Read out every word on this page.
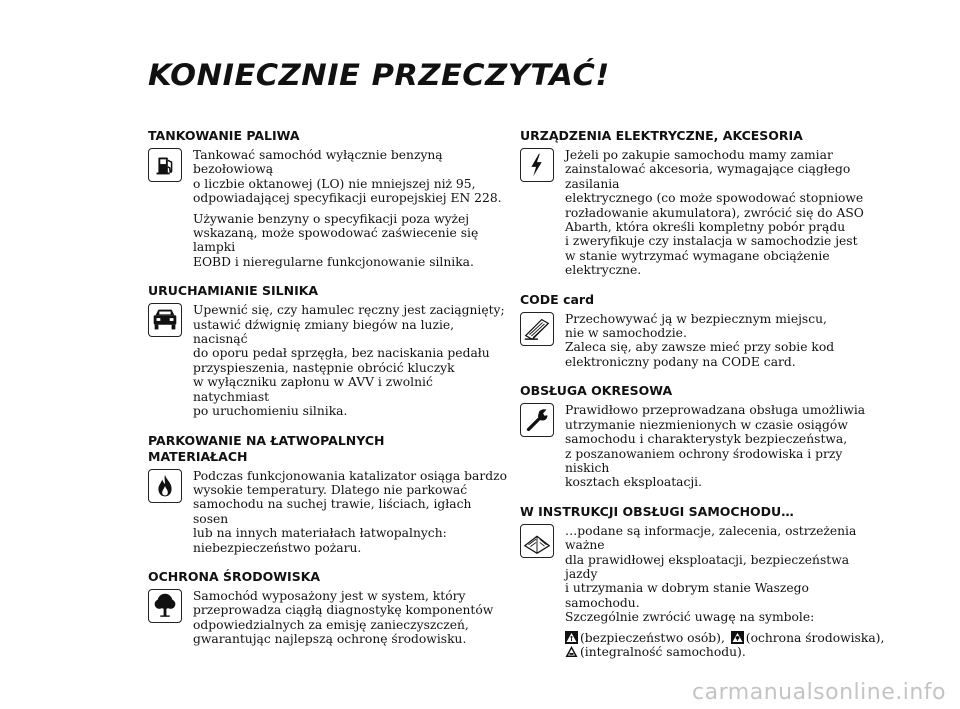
KONIECZNIE PRZECZYTAĆ!
TANKOWANIE PALIWA

Tankować samochód wyłącznie benzyną bezołowiową
o liczbie oktanowej (LO) nie mniejszej niż 95,
odpowiadającej specyfikacji europejskiej EN 228.

Używanie benzyny o specyfikacji poza wyżej
wskazaną, może spowodować zaświecenie się lampki
EOBD i nieregularne funkcjonowanie silnika.

URUCHAMIANIE SILNIKA

Upewnić się, czy hamulec ręczny jest zaciągnięty;
ustawić dźwignię zmiany biegów na luzie, nacisnąć
do oporu pedał sprzęgła, bez naciskania pedału
przyspieszenia, następnie obrócić kluczyk
w wyłączniku zapłonu w AVV i zwolnić natychmiast
po uruchomieniu silnika.

PARKOWANIE NA ŁATWOPALNYCH
MATERIAŁACH

Podczas funkcjonowania katalizator osiąga bardzo
wysokie temperatury. Dlatego nie parkować
samochodu na suchej trawie, liściach, igłach sosen
lub na innych materiałach łatwopalnych:
niebezpieczeństwo pożaru.

OCHRONA ŚRODOWISKA

Samochód wyposażony jest w system, który
przeprowadza ciągłą diagnostykę komponentów
odpowiedzialnych za emisję zanieczyszczeń,
gwarantując najlepszą ochronę środowisku.

URZĄDZENIA ELEKTRYCZNE, AKCESORIA

Jeżeli po zakupie samochodu mamy zamiar
zainstalować akcesoria, wymagające ciągłego zasilania
elektrycznego (co może spowodować stopniowe
rozładowanie akumulatora), zwrócić się do ASO
Abarth, która określi kompletny pobór prądu
i zweryfikuje czy instalacja w samochodzie jest
w stanie wytrzymać wymagane obciążenie
elektryczne.

CODE card

Przechowywać ją w bezpiecznym miejscu,
nie w samochodzie.
Zaleca się, aby zawsze mieć przy sobie kod
elektroniczny podany na CODE card.

OBSŁUGA OKRESOWA

Prawidłowo przeprowadzana obsługa umożliwia
utrzymanie niezmienionych w czasie osiągów
samochodu i charakterystyk bezpieczeństwa,
z poszanowaniem ochrony środowiska i przy niskich
kosztach eksploatacji.

W INSTRUKCJI OBSŁUGI SAMOCHODU…

…podane są informacje, zalecenia, ostrzeżenia ważne
dla prawidłowej eksploatacji, bezpieczeństwa jazdy
i utrzymania w dobrym stanie Waszego samochodu.
Szczególnie zwrócić uwagę na symbole:

(bezpieczeństwo osób), (ochrona środowiska),
(integralność samochodu).
carmanualsonline.info
